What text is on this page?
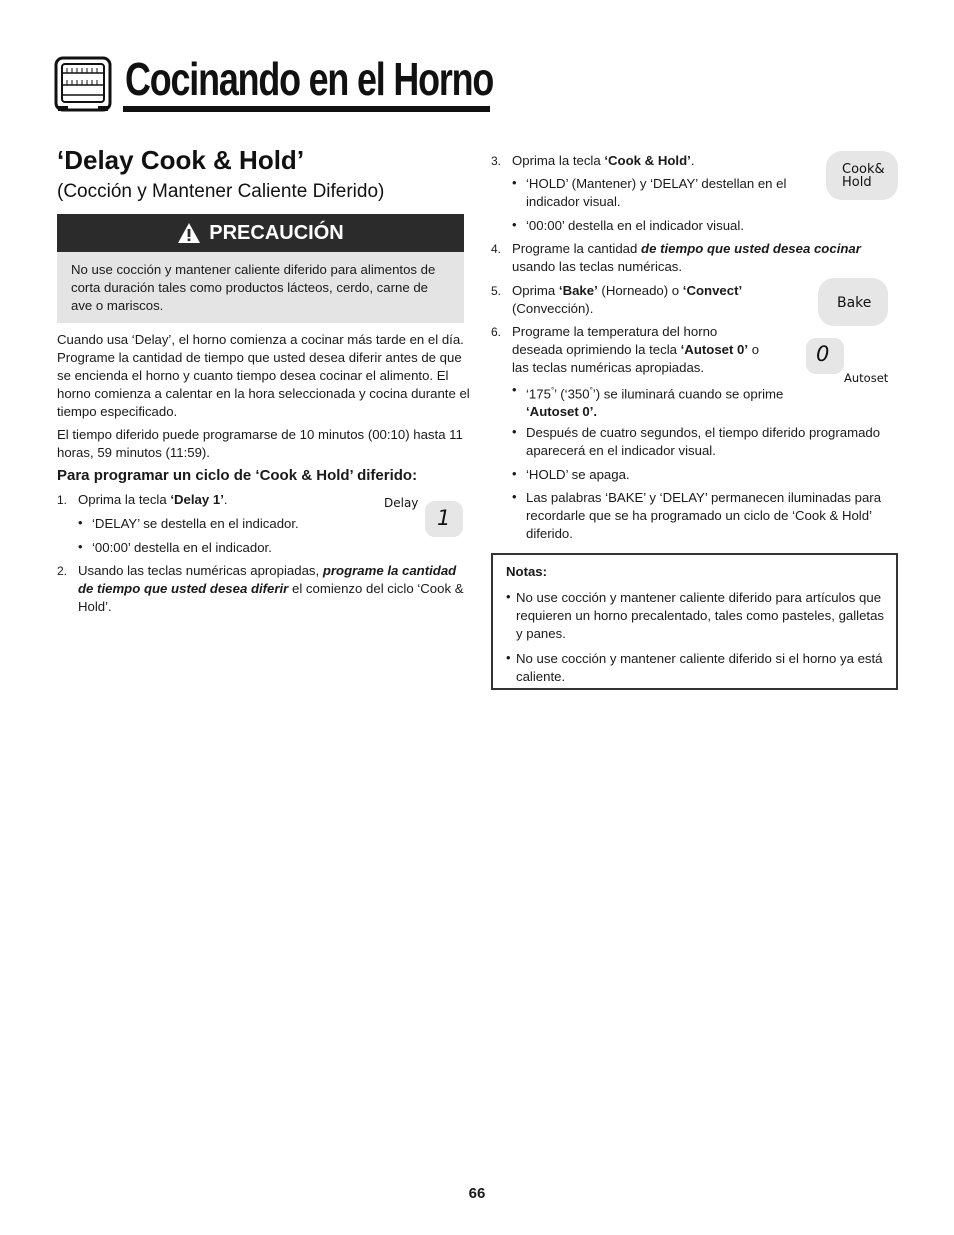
Cocinando en el Horno
‘Delay Cook & Hold’
(Cocción y Mantener Caliente Diferido)
PRECAUCIÓN
No use cocción y mantener caliente diferido para alimentos de corta duración tales como productos lácteos, cerdo, carne de ave o mariscos.
Cuando usa ‘Delay’, el horno comienza a cocinar más tarde en el día. Programe la cantidad de tiempo que usted desea diferir antes de que se encienda el horno y cuanto tiempo desea cocinar el alimento. El horno comienza a calentar en la hora seleccionada y cocina durante el tiempo especificado.
El tiempo diferido puede programarse de 10 minutos (00:10) hasta 11 horas, 59 minutos (11:59).
Para programar un ciclo de ‘Cook & Hold’ diferido:
1. Oprima la tecla ‘Delay 1’.
• ‘DELAY’ se destella en el indicador.
• ‘00:00’ destella en el indicador.
Delay
1
2. Usando las teclas numéricas apropiadas, programe la cantidad de tiempo que usted desea diferir el comienzo del ciclo ‘Cook & Hold’.
3. Oprima la tecla ‘Cook & Hold’.
• ‘HOLD’ (Mantener) y ‘DELAY’ destellan en el indicador visual.
• ‘00:00’ destella en el indicador visual.
Cook&
Hold
4. Programe la cantidad de tiempo que usted desea cocinar usando las teclas numéricas.
5. Oprima ‘Bake’ (Horneado) o ‘Convect’ (Convección).	Bake
6. Programe la temperatura del horno deseada oprimiendo la tecla ‘Autoset 0’ o las teclas numéricas apropiadas.
0
Autoset
• ‘175°’ (‘350°’) se iluminará cuando se oprime ‘Autoset 0’.
• Después de cuatro segundos, el tiempo diferido programado aparecerá en el indicador visual.
• ‘HOLD’ se apaga.
• Las palabras ‘BAKE’ y ‘DELAY’ permanecen iluminadas para recordarle que se ha programado un ciclo de ‘Cook & Hold’ diferido.
Notas:
• No use cocción y mantener caliente diferido para artículos que requieren un horno precalentado, tales como pasteles, galletas y panes.
• No use cocción y mantener caliente diferido si el horno ya está caliente.
66
